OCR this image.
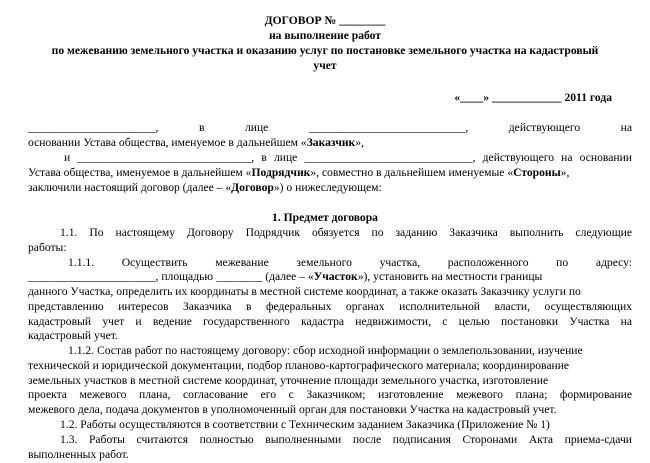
ДОГОВОР № ________
на выполнение работ
по межеванию земельного участка и оказанию услуг по постановке земельного участка на кадастровый
учет
«____» ____________ 2011 года
______________________, в лице ___________________________, действующего на
основании Устава общества, именуемое в дальнейшем «Заказчик»,
и ______________________________, в лице _____________________________, действующего на основании
Устава общества, именуемое в дальнейшем «Подрядчик», совместно в дальнейшем именуемые «Стороны»,
заключили настоящий договор (далее – «Договор») о нижеследующем:
1. Предмет договора
1.1. По настоящему Договору Подрядчик обязуется по заданию Заказчика выполнить следующие
работы:
1.1.1. Осуществить межевание земельного участка, расположенного по адресу:
______________________, площадью ________ (далее – «Участок»), установить на местности границы
данного Участка, определить их координаты в местной системе координат, а также оказать Заказчику услуги по
представлению интересов Заказчика в федеральных органах исполнительной власти, осуществляющих
кадастровый учет и ведение государственного кадастра недвижимости, с целью постановки Участка на
кадастровый учет.
1.1.2. Состав работ по настоящему договору: сбор исходной информации о землепользовании, изучение
технической и юридической документации, подбор планово-картографического материала; координирование
земельных участков в местной системе координат, уточнение площади земельного участка, изготовление
проекта межевого плана, согласование его с Заказчиком; изготовление межевого плана; формирование
межевого дела, подача документов в уполномоченный орган для постановки Участка на кадастровый учет.
1.2. Работы осуществляются в соответствии с Техническим заданием Заказчика (Приложение № 1)
1.3. Работы считаются полностью выполненными после подписания Сторонами Акта приема-сдачи
выполненных работ.
